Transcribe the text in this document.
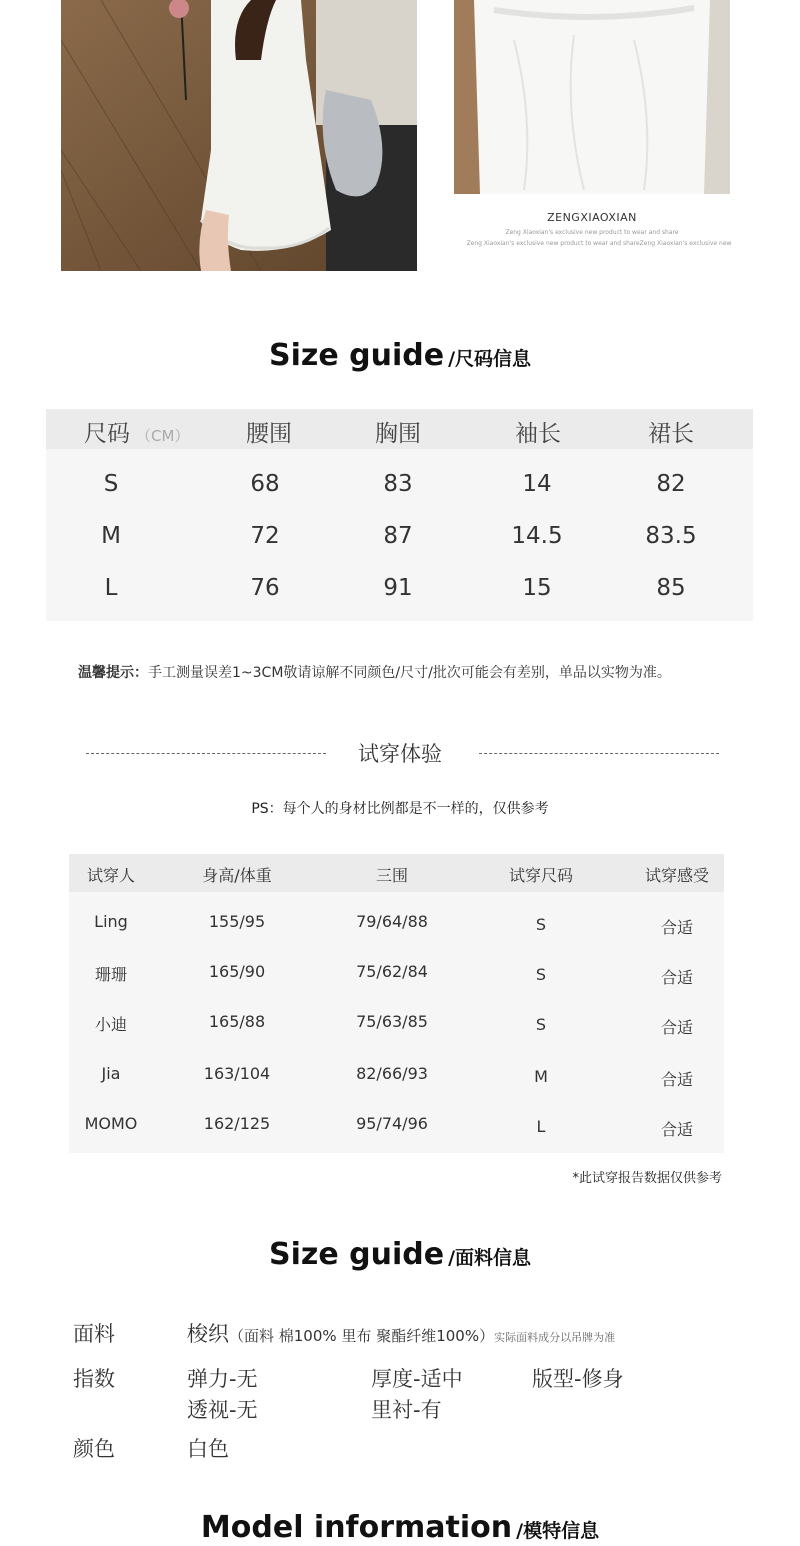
ZENGXIAOXIAN
Zeng Xiaoxian's exclusive new product to wear and share
Zeng Xiaoxian's exclusive new product to wear and shareZeng Xiaoxian's exclusive new
Size guide /尺码信息
尺码 （CM）	腰围	胸围	袖长	裙长
S	68	83	14	82
M	72	87	14.5	83.5
L	76	91	15	85
温馨提示：手工测量误差1~3CM敬请谅解不同颜色/尺寸/批次可能会有差别，单品以实物为准。
试穿体验
PS：每个人的身材比例都是不一样的，仅供参考
试穿人	身高/体重	三围	试穿尺码	试穿感受
Ling	155/95	79/64/88	S	合适
珊珊	165/90	75/62/84	S	合适
小迪	165/88	75/63/85	S	合适
Jia	163/104	82/66/93	M	合适
MOMO	162/125	95/74/96	L	合适
*此试穿报告数据仅供参考
Size guide /面料信息
面料	梭织（面料 棉100% 里布 聚酯纤维100%）实际面料成分以吊牌为准
指数	弹力-无	厚度-适中	版型-修身
透视-无	里衬-有
颜色	白色
Model information /模特信息
